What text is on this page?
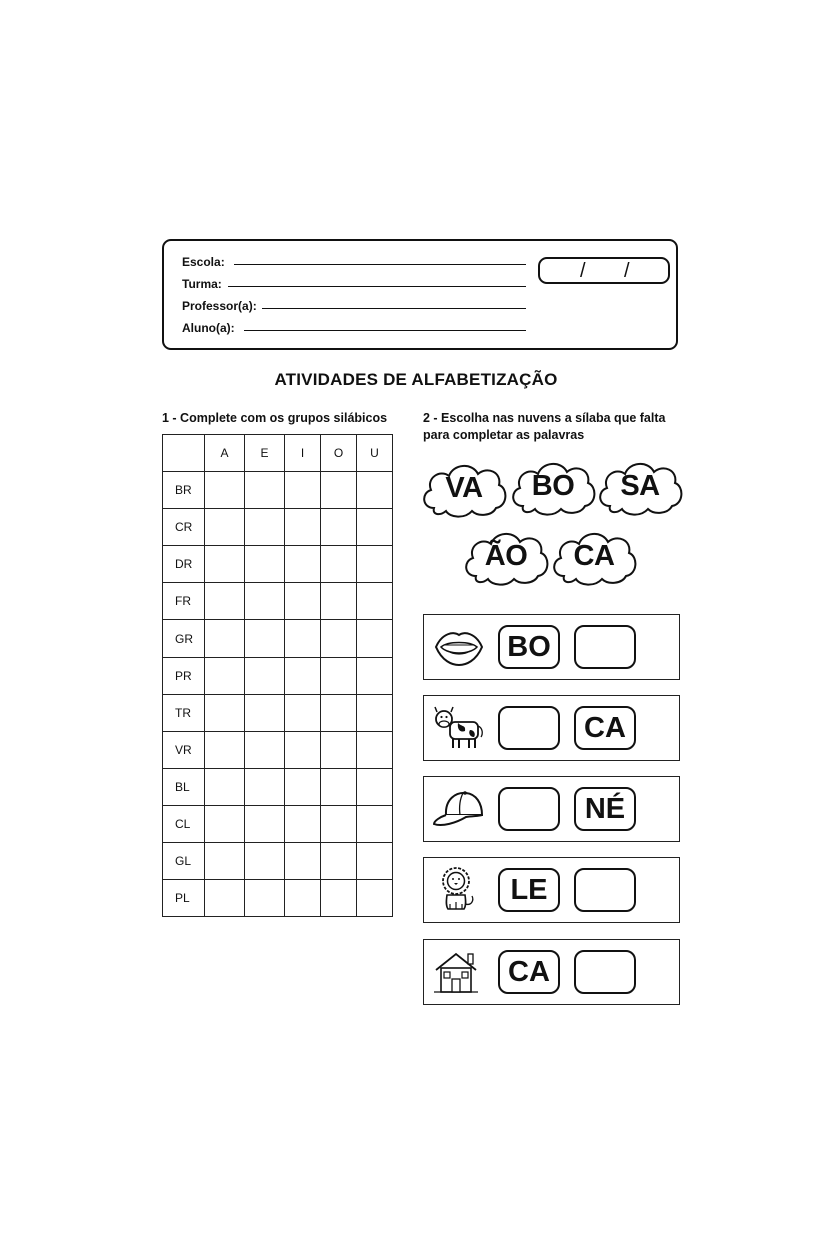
Escola:
Turma:
Professor(a):
Aluno(a):
/ /
ATIVIDADES DE ALFABETIZAÇÃO
1 - Complete com os grupos silábicos
	A	E	I	O	U
BR					
CR					
DR					
FR					
GR					
PR					
TR					
VR					
BL					
CL					
GL					
PL					
2 - Escolha nas nuvens a sílaba que falta
para completar as palavras
VA	BO	SA
ÃO	CA
BO
CA
NÉ
LE
CA
